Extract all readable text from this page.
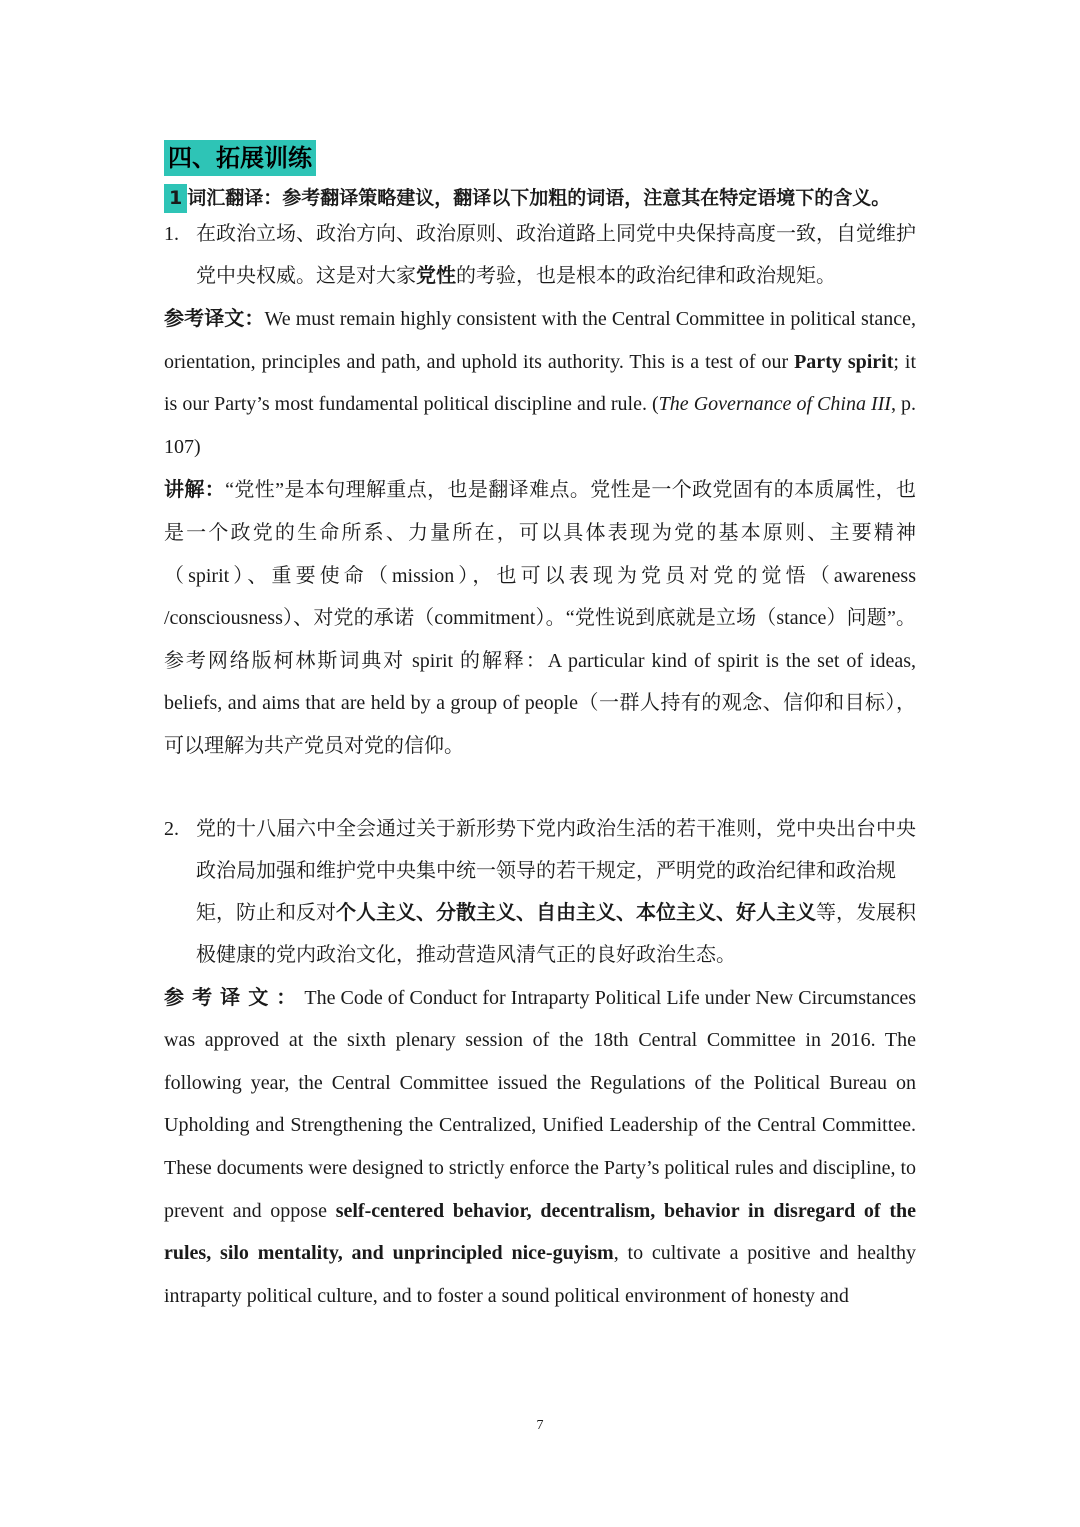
四、拓展训练

1 词汇翻译：参考翻译策略建议，翻译以下加粗的词语，注意其在特定语境下的含义。

1. 在政治立场、政治方向、政治原则、政治道路上同党中央保持高度一致，自觉维护党中央权威。这是对大家党性的考验，也是根本的政治纪律和政治规矩。

参考译文：We must remain highly consistent with the Central Committee in political stance, orientation, principles and path, and uphold its authority. This is a test of our Party spirit; it is our Party’s most fundamental political discipline and rule. (The Governance of China III, p. 107)

讲解：“党性”是本句理解重点，也是翻译难点。党性是一个政党固有的本质属性，也是一个政党的生命所系、力量所在，可以具体表现为党的基本原则、主要精神（spirit）、重要使命（mission），也可以表现为党员对党的觉悟（awareness /consciousness）、对党的承诺（commitment）。“党性说到底就是立场（stance）问题”。参考网络版柯林斯词典对 spirit 的解释：A particular kind of spirit is the set of ideas, beliefs, and aims that are held by a group of people（一群人持有的观念、信仰和目标），可以理解为共产党员对党的信仰。

2. 党的十八届六中全会通过关于新形势下党内政治生活的若干准则，党中央出台中央政治局加强和维护党中央集中统一领导的若干规定，严明党的政治纪律和政治规矩，防止和反对个人主义、分散主义、自由主义、本位主义、好人主义等，发展积极健康的党内政治文化，推动营造风清气正的良好政治生态。

参考译文：The Code of Conduct for Intraparty Political Life under New Circumstances was approved at the sixth plenary session of the 18th Central Committee in 2016. The following year, the Central Committee issued the Regulations of the Political Bureau on Upholding and Strengthening the Centralized, Unified Leadership of the Central Committee. These documents were designed to strictly enforce the Party’s political rules and discipline, to prevent and oppose self-centered behavior, decentralism, behavior in disregard of the rules, silo mentality, and unprincipled nice-guyism, to cultivate a positive and healthy intraparty political culture, and to foster a sound political environment of honesty and

7
